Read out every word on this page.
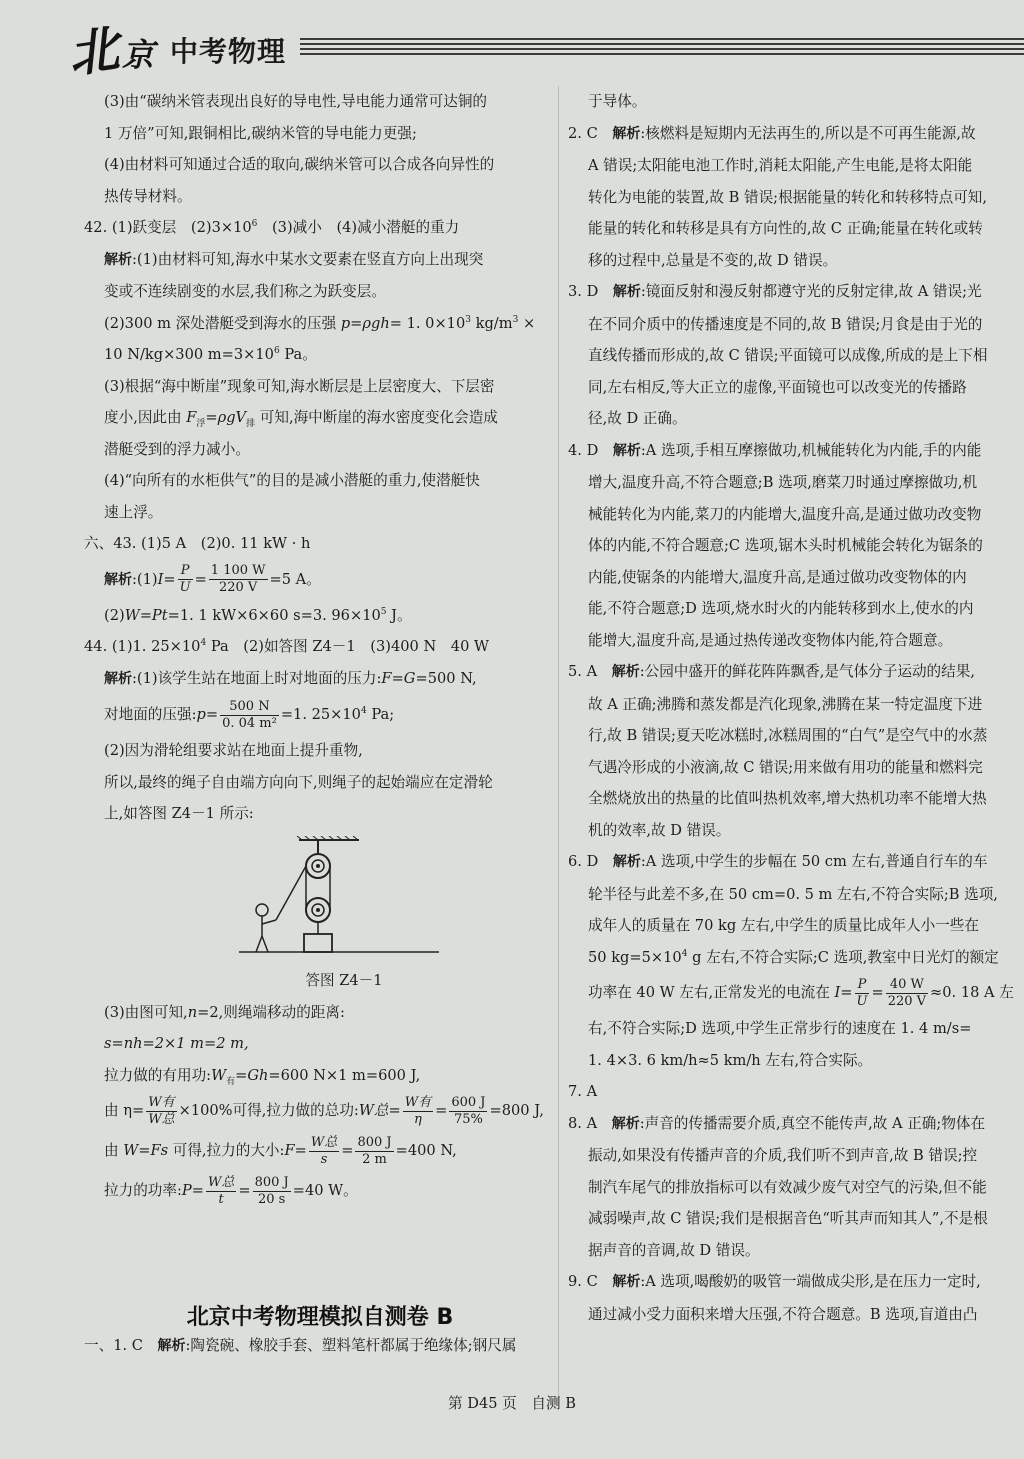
北 京 中考物理

(3)由“碳纳米管表现出良好的导电性,导电能力通常可达铜的

1 万倍”可知,跟铜相比,碳纳米管的导电能力更强;

(4)由材料可知通过合适的取向,碳纳米管可以合成各向异性的

热传导材料。

42. (1)跃变层　$(2)3\times 10^6$　(3)减小　(4)减小潜艇的重力

解析:(1)由材料可知,海水中某水文要素在竖直方向上出现突

变或不连续剧变的水层,我们称之为跃变层。

(2)300 m 深处潜艇受到海水的压强 p=ρgh= 1. $0\times 10^3$ $kg/m^3$ ×

10 N/kg×300 $m=3\times 10^6$ Pa。

(3)根据“海中断崖”现象可知,海水断层是上层密度大、下层密

度小,因此由 $F_浮=\rho gV_排$ 可知,海中断崖的海水密度变化会造成

潜艇受到的浮力减小。

(4)“向所有的水柜供气”的目的是减小潜艇的重力,使潜艇快

速上浮。

六、43. (1)5 A　(2)0. 11 kW · h

解析:(1)I= $\frac{P}{U} = \frac{1 100 W}{220 V} =5$ A。

(2)W=Pt=1. 1 kW×6×60 s=3. $96\times 10^5$ J。

44. (1)1. $25\times 10^4$ Pa　(2)如答图 Z4－1　(3)400 N　40 W

解析:(1)该学生站在地面上时对地面的压力:F=G=500 N,

对地面的压强:p= $\frac{500 N}{\text{0. 04 m²}} =1$. $25\times 10^4$ Pa;

(2)因为滑轮组要求站在地面上提升重物,

所以,最终的绳子自由端方向向下,则绳子的起始端应在定滑轮

上,如答图 Z4－1 所示:

答图 Z4－1

(3)由图可知,n=2,则绳端移动的距离:

s=nh=2×1 m=2 m,

拉力做的有用功$:W_有=Gh=600$ N×1 m=600 J,

由 $\eta= \frac{\text{W有}}{\text{W总}} \times 100\%$可得,拉力做的总功:W总= $\frac{\text{W有}}{\eta} = \frac{600 J}{75\%} =800$ J,

由 W=Fs 可得,拉力的大小:F= $\frac{\text{W总}}{s} = \frac{800 J}{2 m} =400$ N,

拉力的功率:P= $\frac{\text{W总}}{t} = \frac{800 J}{20 s} =40$ W。

北京中考物理模拟自测卷 B

一、1. C　解析:陶瓷碗、橡胶手套、塑料笔杆都属于绝缘体;钢尺属

于导体。

2. C　解析:核燃料是短期内无法再生的,所以是不可再生能源,故

A 错误;太阳能电池工作时,消耗太阳能,产生电能,是将太阳能

转化为电能的装置,故 B 错误;根据能量的转化和转移特点可知,

能量的转化和转移是具有方向性的,故 C 正确;能量在转化或转

移的过程中,总量是不变的,故 D 错误。

3. D　解析:镜面反射和漫反射都遵守光的反射定律,故 A 错误;光

在不同介质中的传播速度是不同的,故 B 错误;月食是由于光的

直线传播而形成的,故 C 错误;平面镜可以成像,所成的是上下相

同,左右相反,等大正立的虚像,平面镜也可以改变光的传播路

径,故 D 正确。

4. D　解析:A 选项,手相互摩擦做功,机械能转化为内能,手的内能

增大,温度升高,不符合题意;B 选项,磨菜刀时通过摩擦做功,机

械能转化为内能,菜刀的内能增大,温度升高,是通过做功改变物

体的内能,不符合题意;C 选项,锯木头时机械能会转化为锯条的

内能,使锯条的内能增大,温度升高,是通过做功改变物体的内

能,不符合题意;D 选项,烧水时火的内能转移到水上,使水的内

能增大,温度升高,是通过热传递改变物体内能,符合题意。

5. A　解析:公园中盛开的鲜花阵阵飘香,是气体分子运动的结果,

故 A 正确;沸腾和蒸发都是汽化现象,沸腾在某一特定温度下进

行,故 B 错误;夏天吃冰糕时,冰糕周围的“白气”是空气中的水蒸

气遇冷形成的小液滴,故 C 错误;用来做有用功的能量和燃料完

全燃烧放出的热量的比值叫热机效率,增大热机功率不能增大热

机的效率,故 D 错误。

6. D　解析:A 选项,中学生的步幅在 50 cm 左右,普通自行车的车

轮半径与此差不多,在 50 cm=0. 5 m 左右,不符合实际;B 选项,

成年人的质量在 70 kg 左右,中学生的质量比成年人小一些在

50 $kg=5\times 10^4$ g 左右,不符合实际;C 选项,教室中日光灯的额定

功率在 40 W 左右,正常发光的电流在 $I= \frac{P}{U} = \frac{40 W}{220 V} \approx 0$. 18 A 左

右,不符合实际;D 选项,中学生正常步行的速度在 1. 4 m/s=

1. 4×3. 6 km/h≈5 km/h 左右,符合实际。

7. A

8. A　解析:声音的传播需要介质,真空不能传声,故 A 正确;物体在

振动,如果没有传播声音的介质,我们听不到声音,故 B 错误;控

制汽车尾气的排放指标可以有效减少废气对空气的污染,但不能

减弱噪声,故 C 错误;我们是根据音色“听其声而知其人”,不是根

据声音的音调,故 D 错误。

9. C　解析:A 选项,喝酸奶的吸管一端做成尖形,是在压力一定时,

通过减小受力面积来增大压强,不符合题意。B 选项,盲道由凸

第 D45 页　自测 B
